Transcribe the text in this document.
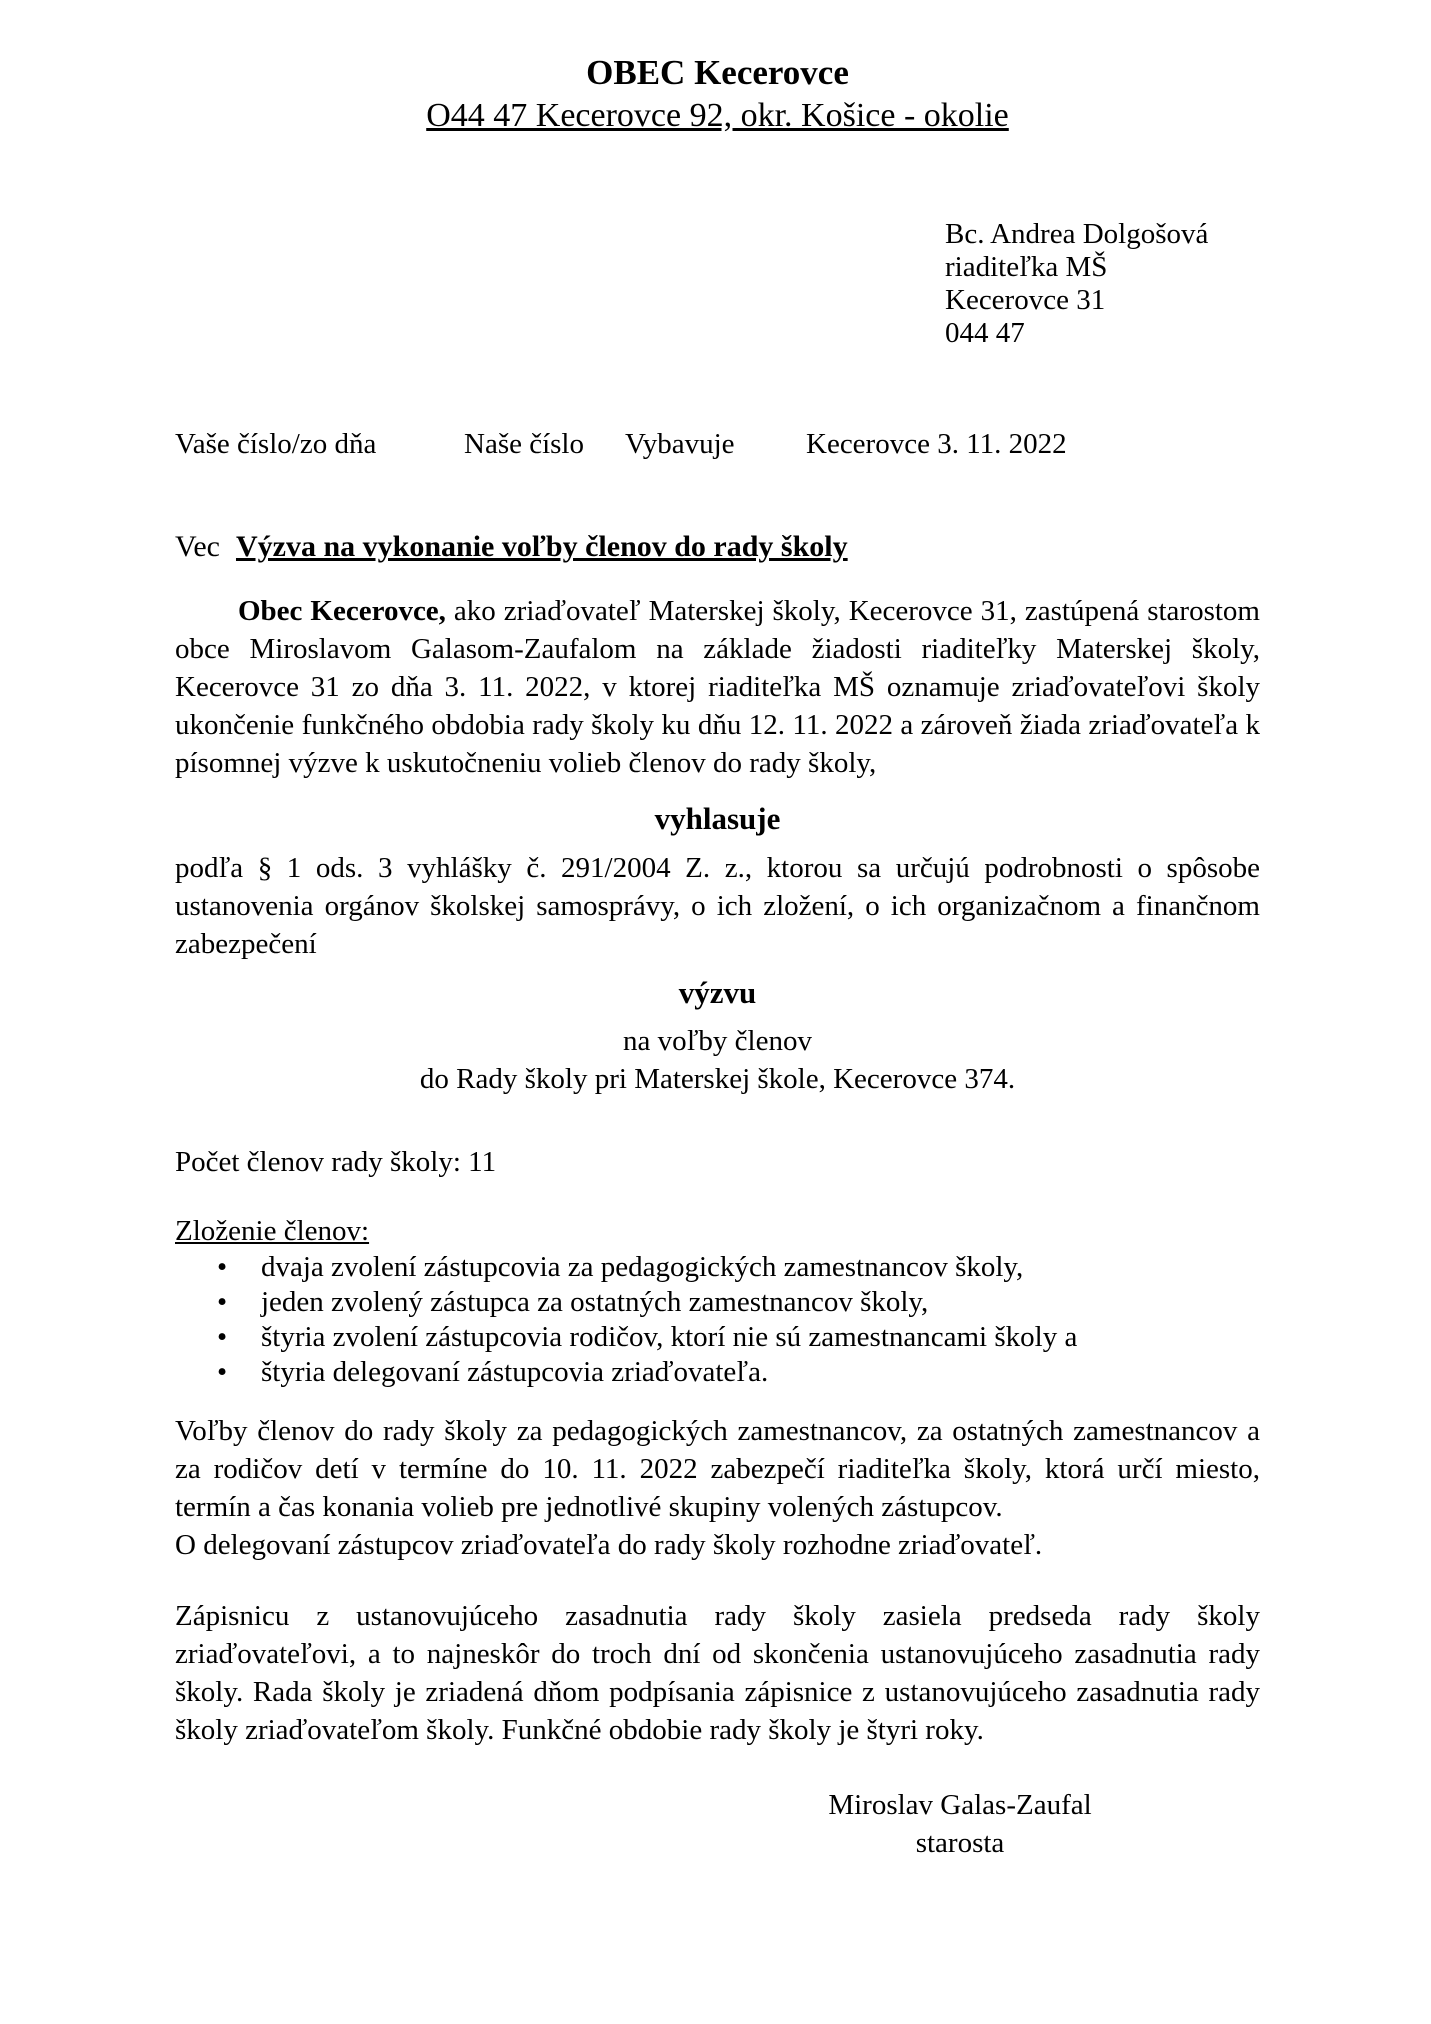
OBEC Kecerovce
O44 47 Kecerovce 92, okr. Košice - okolie
Bc. Andrea Dolgošová
riaditeľka MŠ
Kecerovce 31
044 47
Vaše číslo/zo dňa	Naše číslo Vybavuje Kecerovce 3. 11. 2022
Vec Výzva na vykonanie voľby členov do rady školy

Obec Kecerovce, ako zriaďovateľ Materskej školy, Kecerovce 31, zastúpená starostom obce Miroslavom Galasom-Zaufalom na základe žiadosti riaditeľky Materskej školy, Kecerovce 31 zo dňa 3. 11. 2022, v ktorej riaditeľka MŠ oznamuje zriaďovateľovi školy ukončenie funkčného obdobia rady školy ku dňu 12. 11. 2022 a zároveň žiada zriaďovateľa k písomnej výzve k uskutočneniu volieb členov do rady školy,

vyhlasuje

podľa § 1 ods. 3 vyhlášky č. 291/2004 Z. z., ktorou sa určujú podrobnosti o spôsobe ustanovenia orgánov školskej samosprávy, o ich zložení, o ich organizačnom a finančnom zabezpečení

výzvu
na voľby členov
do Rady školy pri Materskej škole, Kecerovce 374.

Počet členov rady školy: 11

Zloženie členov:
•	dvaja zvolení zástupcovia za pedagogických zamestnancov školy,
•	jeden zvolený zástupca za ostatných zamestnancov školy,
•	štyria zvolení zástupcovia rodičov, ktorí nie sú zamestnancami školy a
•	štyria delegovaní zástupcovia zriaďovateľa.

Voľby členov do rady školy za pedagogických zamestnancov, za ostatných zamestnancov a za rodičov detí v termíne do 10. 11. 2022 zabezpečí riaditeľka školy, ktorá určí miesto, termín a čas konania volieb pre jednotlivé skupiny volených zástupcov.

O delegovaní zástupcov zriaďovateľa do rady školy rozhodne zriaďovateľ.

Zápisnicu z ustanovujúceho zasadnutia rady školy zasiela predseda rady školy zriaďovateľovi, a to najneskôr do troch dní od skončenia ustanovujúceho zasadnutia rady školy. Rada školy je zriadená dňom podpísania zápisnice z ustanovujúceho zasadnutia rady školy zriaďovateľom školy. Funkčné obdobie rady školy je štyri roky.

Miroslav Galas-Zaufal
starosta
